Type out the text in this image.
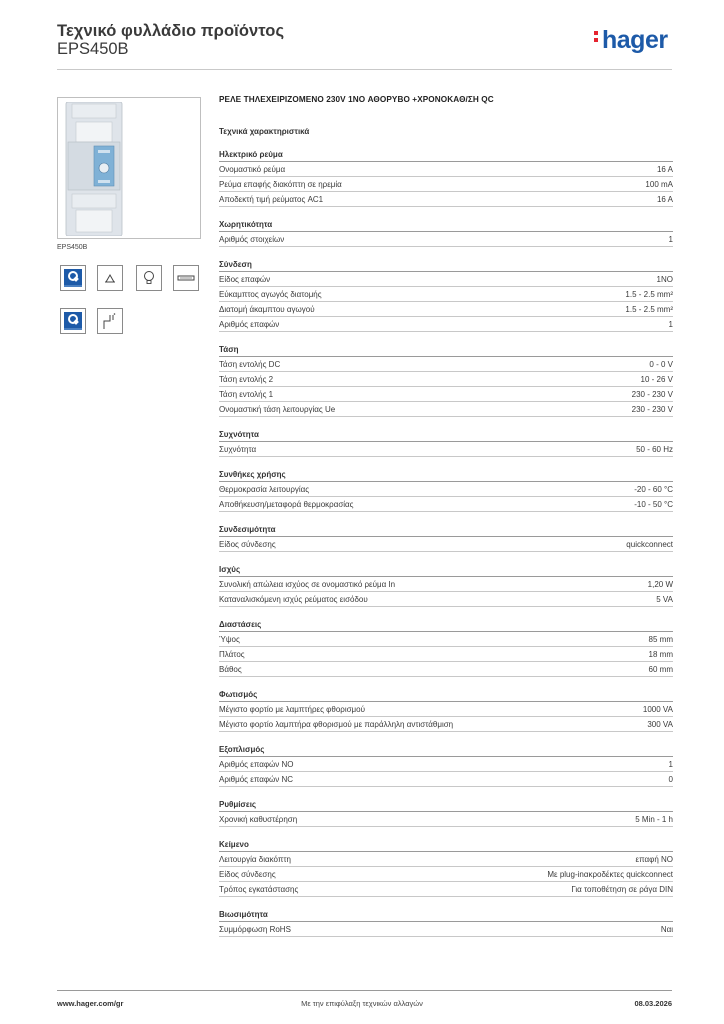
Τεχνικό φυλλάδιο προϊόντος
EPS450B	hager
EPS450B
ΡΕΛΕ ΤΗΛΕΧΕΙΡΙΖΟΜΕΝΟ 230V 1NO ΑΘΟΡΥΒΟ +ΧΡΟΝΟΚΑΘ/ΣΗ QC
Τεχνικά χαρακτηριστικά
Ηλεκτρικό ρεύμα
Ονομαστικό ρεύμα	16 A
Ρεύμα επαφής διακόπτη σε ηρεμία	100 mA
Αποδεκτή τιμή ρεύματος AC1	16 A
Χωρητικότητα
Αριθμός στοιχείων	1
Σύνδεση
Είδος επαφών	1NO
Εύκαμπτος αγωγός διατομής	1.5 - 2.5 mm²
Διατομή άκαμπτου αγωγού	1.5 - 2.5 mm²
Αριθμός επαφών	1
Τάση
Τάση εντολής DC	0 - 0 V
Τάση εντολής 2	10 - 26 V
Τάση εντολής 1	230 - 230 V
Ονομαστική τάση λειτουργίας Ue	230 - 230 V
Συχνότητα
Συχνότητα	50 - 60 Hz
Συνθήκες χρήσης
Θερμοκρασία λειτουργίας	-20 - 60 °C
Αποθήκευση/μεταφορά θερμοκρασίας	-10 - 50 °C
Συνδεσιμότητα
Είδος σύνδεσης	quickconnect
Ισχύς
Συνολική απώλεια ισχύος σε ονομαστικό ρεύμα In	1,20 W
Καταναλισκόμενη ισχύς ρεύματος εισόδου	5 VA
Διαστάσεις
Ύψος	85 mm
Πλάτος	18 mm
Βάθος	60 mm
Φωτισμός
Μέγιστο φορτίο με λαμπτήρες φθορισμού	1000 VA
Μέγιστο φορτίο λαμπτήρα φθορισμού με παράλληλη αντιστάθμιση	300 VA
Εξοπλισμός
Αριθμός επαφών NO	1
Αριθμός επαφών NC	0
Ρυθμίσεις
Χρονική καθυστέρηση	5 Min - 1 h
Κείμενο
Λειτουργία διακόπτη	επαφή NO
Είδος σύνδεσης	Με plug-inακροδέκτες quickconnect
Τρόπος εγκατάστασης	Για τοποθέτηση σε ράγα DIN
Βιωσιμότητα
Συμμόρφωση RoHS	Ναι
www.hager.com/gr	Με την επιφύλαξη τεχνικών αλλαγών	08.03.2026
